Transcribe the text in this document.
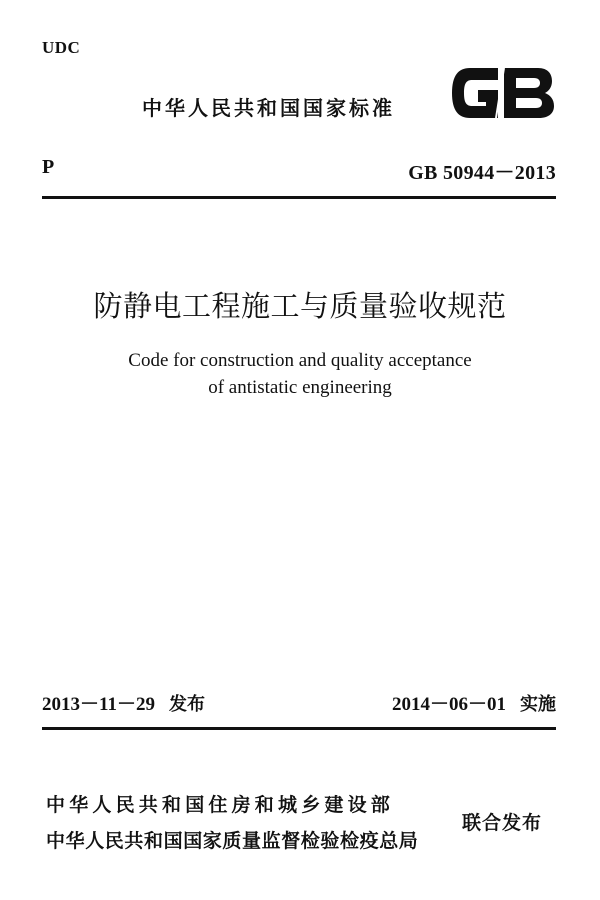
UDC
中华人民共和国国家标准
P	GB 50944－2013
防静电工程施工与质量验收规范
Code for construction and quality acceptance
of antistatic engineering
2013－11－29 发布	2014－06－01 实施
中华人民共和国住房和城乡建设部
中华人民共和国国家质量监督检验检疫总局
联合发布
